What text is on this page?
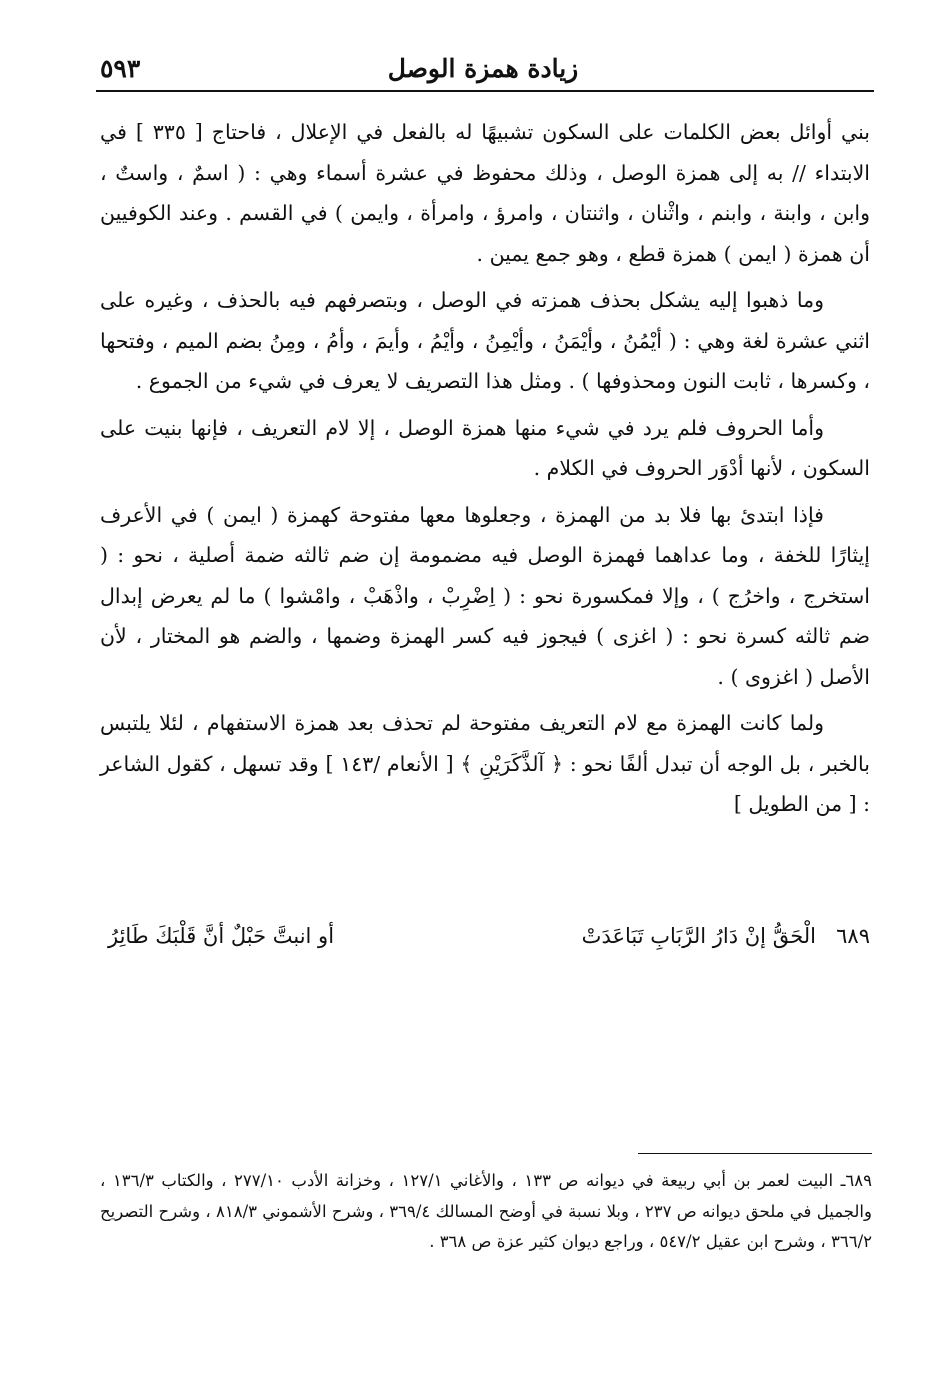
زيادة همزة الوصل
٥٩٣

بني أوائل بعض الكلمات على السكون تشبيهًا له بالفعل في الإعلال ، فاحتاج [ ٣٣٥ ] في الابتداء // به إلى همزة الوصل ، وذلك محفوظ في عشرة أسماء وهي : ( اسمٌ ، واستٌ ، وابن ، وابنة ، وابنم ، واثْنان ، واثنتان ، وامرؤ ، وامرأة ، وايمن ) في القسم . وعند الكوفيين أن همزة ( ايمن ) همزة قطع ، وهو جمع يمين .

وما ذهبوا إليه يشكل بحذف همزته في الوصل ، وبتصرفهم فيه بالحذف ، وغيره على اثني عشرة لغة وهي : ( أيْمُنُ ، وأيْمَنُ ، وأيْمِنُ ، وأيْمُ ، وأيمَ ، وأمُ ، ومِنُ بضم الميم ، وفتحها ، وكسرها ، ثابت النون ومحذوفها ) . ومثل هذا التصريف لا يعرف في شيء من الجموع .

وأما الحروف فلم يرد في شيء منها همزة الوصل ، إلا لام التعريف ، فإنها بنيت على السكون ، لأنها أدْوَر الحروف في الكلام .

فإذا ابتدئ بها فلا بد من الهمزة ، وجعلوها معها مفتوحة كهمزة ( ايمن ) في الأعرف إيثارًا للخفة ، وما عداهما فهمزة الوصل فيه مضمومة إن ضم ثالثه ضمة أصلية ، نحو : ( استخرج ، واخرُج ) ، وإلا فمكسورة نحو : ( اِضْرِبْ ، واذْهَبْ ، وامْشوا ) ما لم يعرض إبدال ضم ثالثه كسرة نحو : ( اغزى ) فيجوز فيه كسر الهمزة وضمها ، والضم هو المختار ، لأن الأصل ( اغزوى ) .

ولما كانت الهمزة مع لام التعريف مفتوحة لم تحذف بعد همزة الاستفهام ، لئلا يلتبس بالخبر ، بل الوجه أن تبدل ألفًا نحو : ﴿ آلذَّكَرَيْنِ ﴾ [ الأنعام /١٤٣ ] وقد تسهل ، كقول الشاعر : [ من الطويل ]

٦٨٩
الْحَقُّ إنْ دَارُ الرَّبَابِ تَبَاعَدَتْ
أو انبتَّ حَبْلٌ أنَّ قَلْبَكَ طَائِرُ

٦٨٩ـ البيت لعمر بن أبي ربيعة في ديوانه ص ١٣٣ ، والأغاني ١٢٧/١ ، وخزانة الأدب ٢٧٧/١٠ ، والكتاب ١٣٦/٣ ، والجميل في ملحق ديوانه ص ٢٣٧ ، وبلا نسبة في أوضح المسالك ٣٦٩/٤ ، وشرح الأشموني ٨١٨/٣ ، وشرح التصريح ٣٦٦/٢ ، وشرح ابن عقيل ٥٤٧/٢ ، وراجع ديوان كثير عزة ص ٣٦٨ .
